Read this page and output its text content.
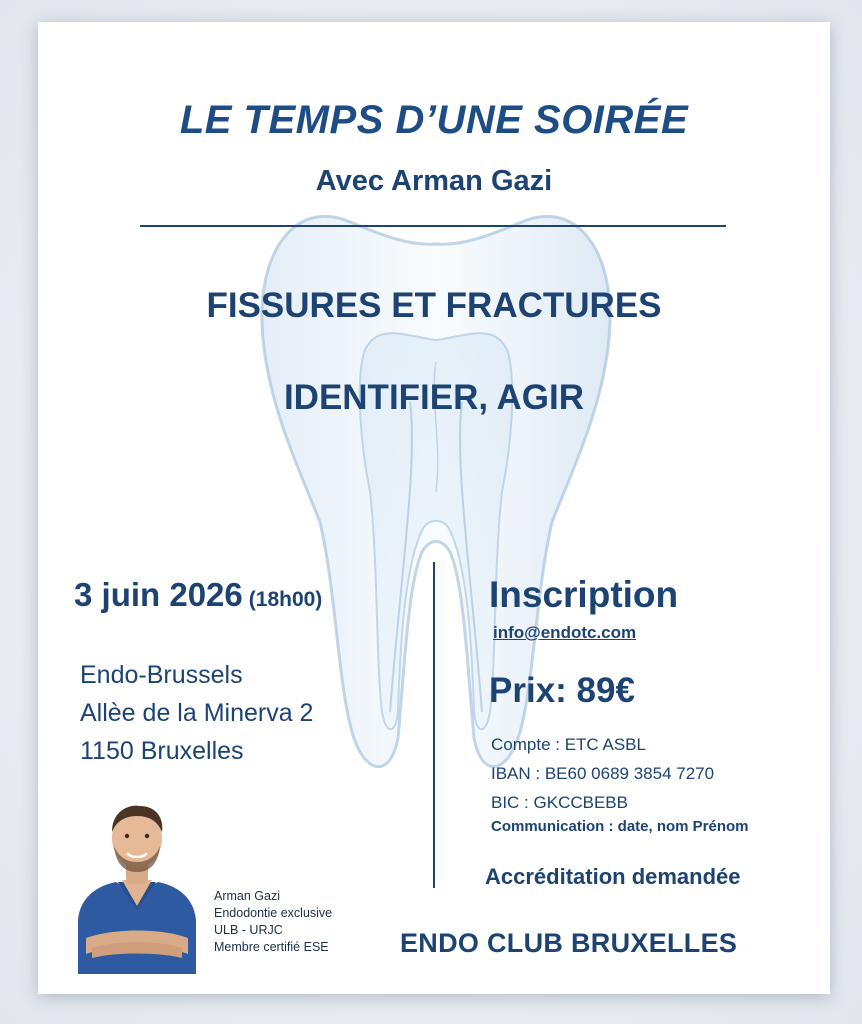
LE TEMPS D’UNE SOIRÉE
Avec Arman Gazi
FISSURES ET FRACTURES
IDENTIFIER, AGIR
3 juin 2026 (18h00)
Endo-Brussels
Allèe de la Minerva 2
1150 Bruxelles
Inscription
info@endotc.com
Prix: 89€
Compte : ETC ASBL
IBAN : BE60 0689 3854 7270
BIC : GKCCBEBB
Communication : date, nom Prénom
Accréditation demandée
ENDO CLUB BRUXELLES
Arman Gazi
Endodontie exclusive
ULB - URJC
Membre certifié ESE
